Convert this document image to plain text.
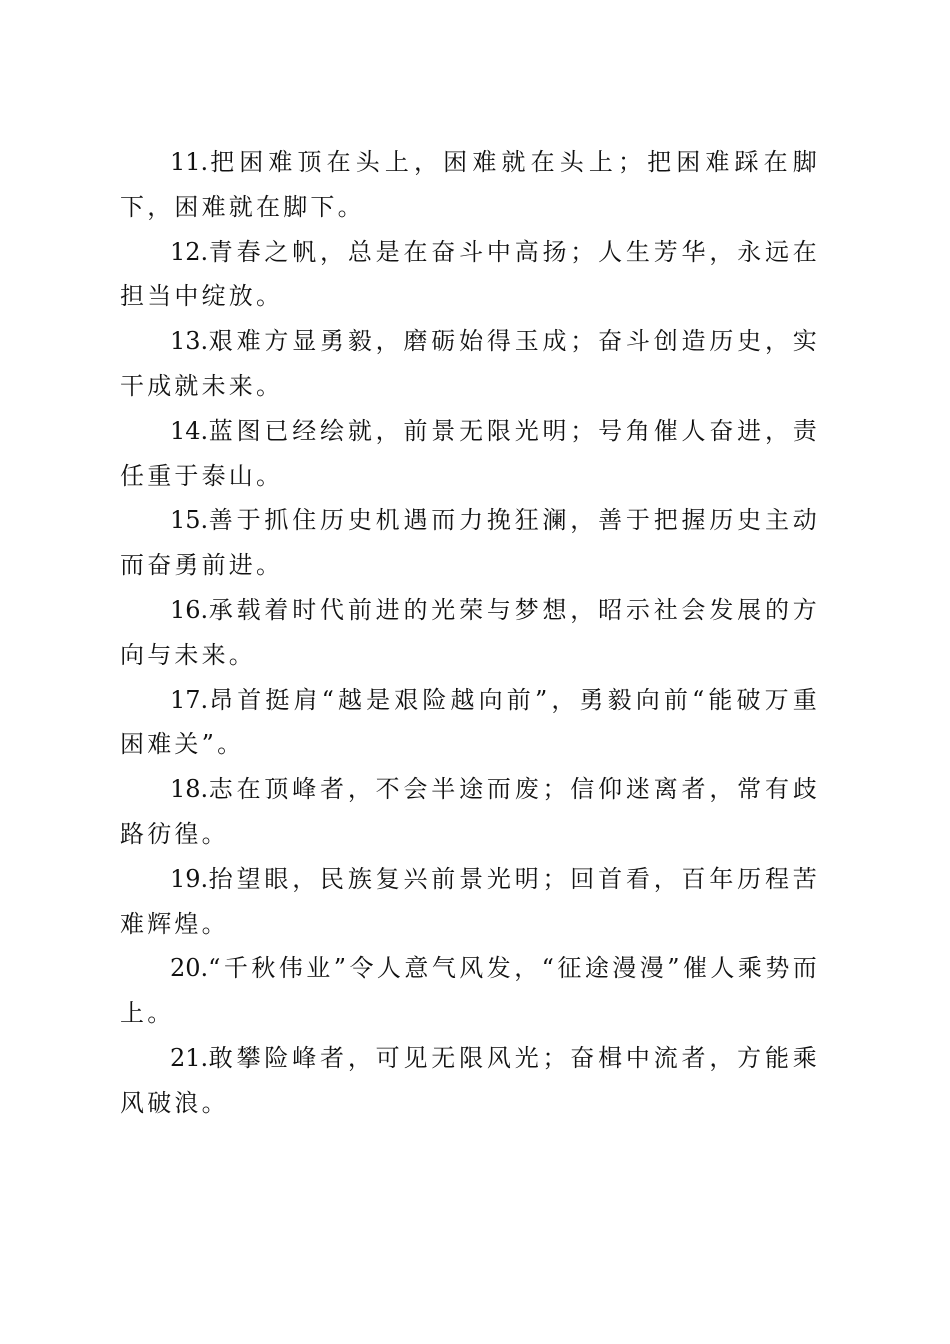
11.把困难顶在头上，困难就在头上；把困难踩在脚下，困难就在脚下。

12.青春之帆，总是在奋斗中高扬；人生芳华，永远在担当中绽放。

13.艰难方显勇毅，磨砺始得玉成；奋斗创造历史，实干成就未来。

14.蓝图已经绘就，前景无限光明；号角催人奋进，责任重于泰山。

15.善于抓住历史机遇而力挽狂澜，善于把握历史主动而奋勇前进。

16.承载着时代前进的光荣与梦想，昭示社会发展的方向与未来。

17.昂首挺肩“越是艰险越向前”，勇毅向前“能破万重困难关”。

18.志在顶峰者，不会半途而废；信仰迷离者，常有歧路彷徨。

19.抬望眼，民族复兴前景光明；回首看，百年历程苦难辉煌。

20.“千秋伟业”令人意气风发，“征途漫漫”催人乘势而上。

21.敢攀险峰者，可见无限风光；奋楫中流者，方能乘风破浪。
